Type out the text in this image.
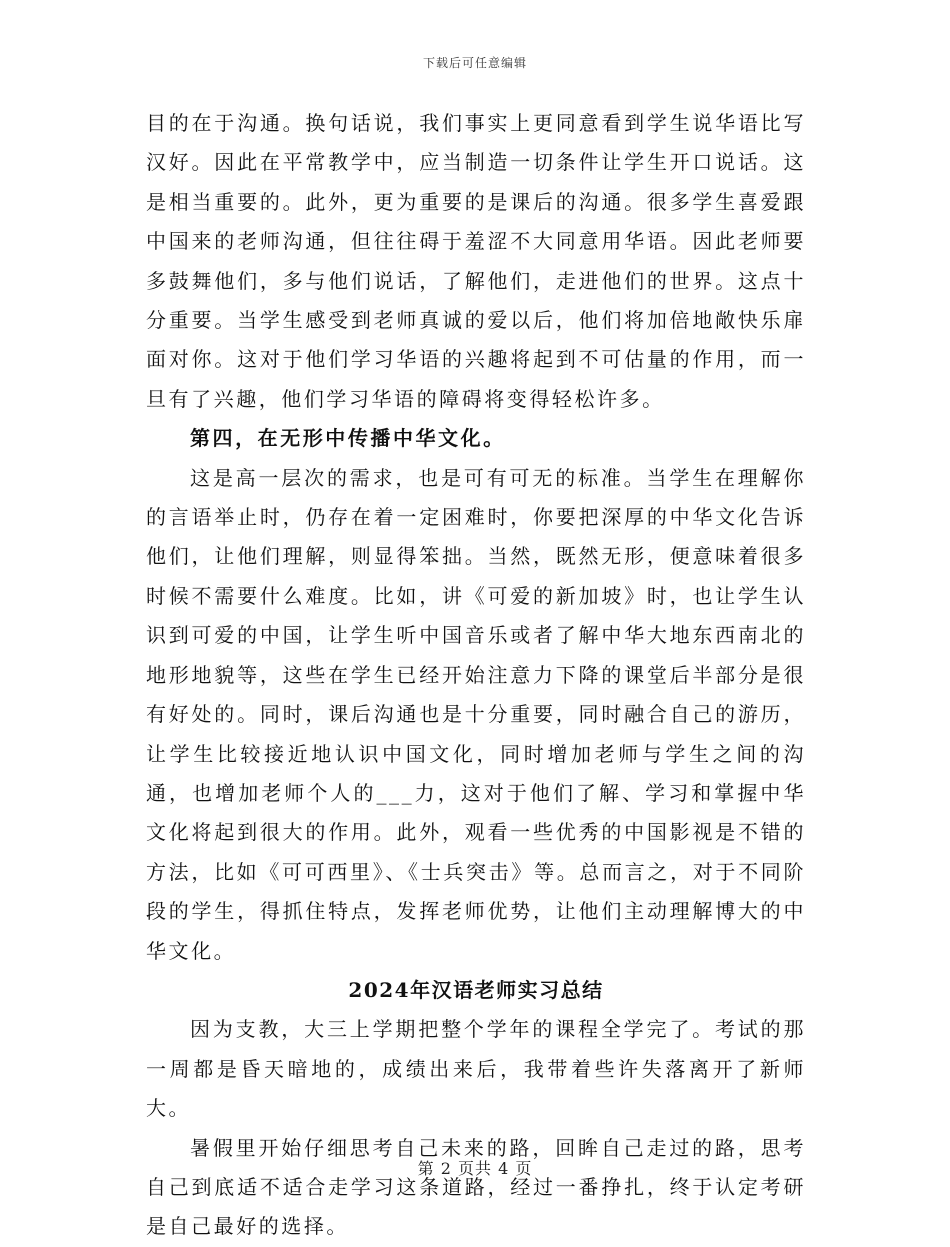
下载后可任意编辑

目的在于沟通。换句话说，我们事实上更同意看到学生说华语比写汉好。因此在平常教学中，应当制造一切条件让学生开口说话。这是相当重要的。此外，更为重要的是课后的沟通。很多学生喜爱跟中国来的老师沟通，但往往碍于羞涩不大同意用华语。因此老师要多鼓舞他们，多与他们说话，了解他们，走进他们的世界。这点十分重要。当学生感受到老师真诚的爱以后，他们将加倍地敞快乐扉面对你。这对于他们学习华语的兴趣将起到不可估量的作用，而一旦有了兴趣，他们学习华语的障碍将变得轻松许多。

第四，在无形中传播中华文化。

这是高一层次的需求，也是可有可无的标准。当学生在理解你的言语举止时，仍存在着一定困难时，你要把深厚的中华文化告诉他们，让他们理解，则显得笨拙。当然，既然无形，便意味着很多时候不需要什么难度。比如，讲《可爱的新加坡》时，也让学生认识到可爱的中国，让学生听中国音乐或者了解中华大地东西南北的地形地貌等，这些在学生已经开始注意力下降的课堂后半部分是很有好处的。同时，课后沟通也是十分重要，同时融合自己的游历，让学生比较接近地认识中国文化，同时增加老师与学生之间的沟通，也增加老师个人的___力，这对于他们了解、学习和掌握中华文化将起到很大的作用。此外，观看一些优秀的中国影视是不错的方法，比如《可可西里》、《士兵突击》等。总而言之，对于不同阶段的学生，得抓住特点，发挥老师优势，让他们主动理解博大的中华文化。

2024年汉语老师实习总结

因为支教，大三上学期把整个学年的课程全学完了。考试的那一周都是昏天暗地的，成绩出来后，我带着些许失落离开了新师大。

暑假里开始仔细思考自己未来的路，回眸自己走过的路，思考自己到底适不适合走学习这条道路，经过一番挣扎，终于认定考研是自己最好的选择。

第 2 页共 4 页
